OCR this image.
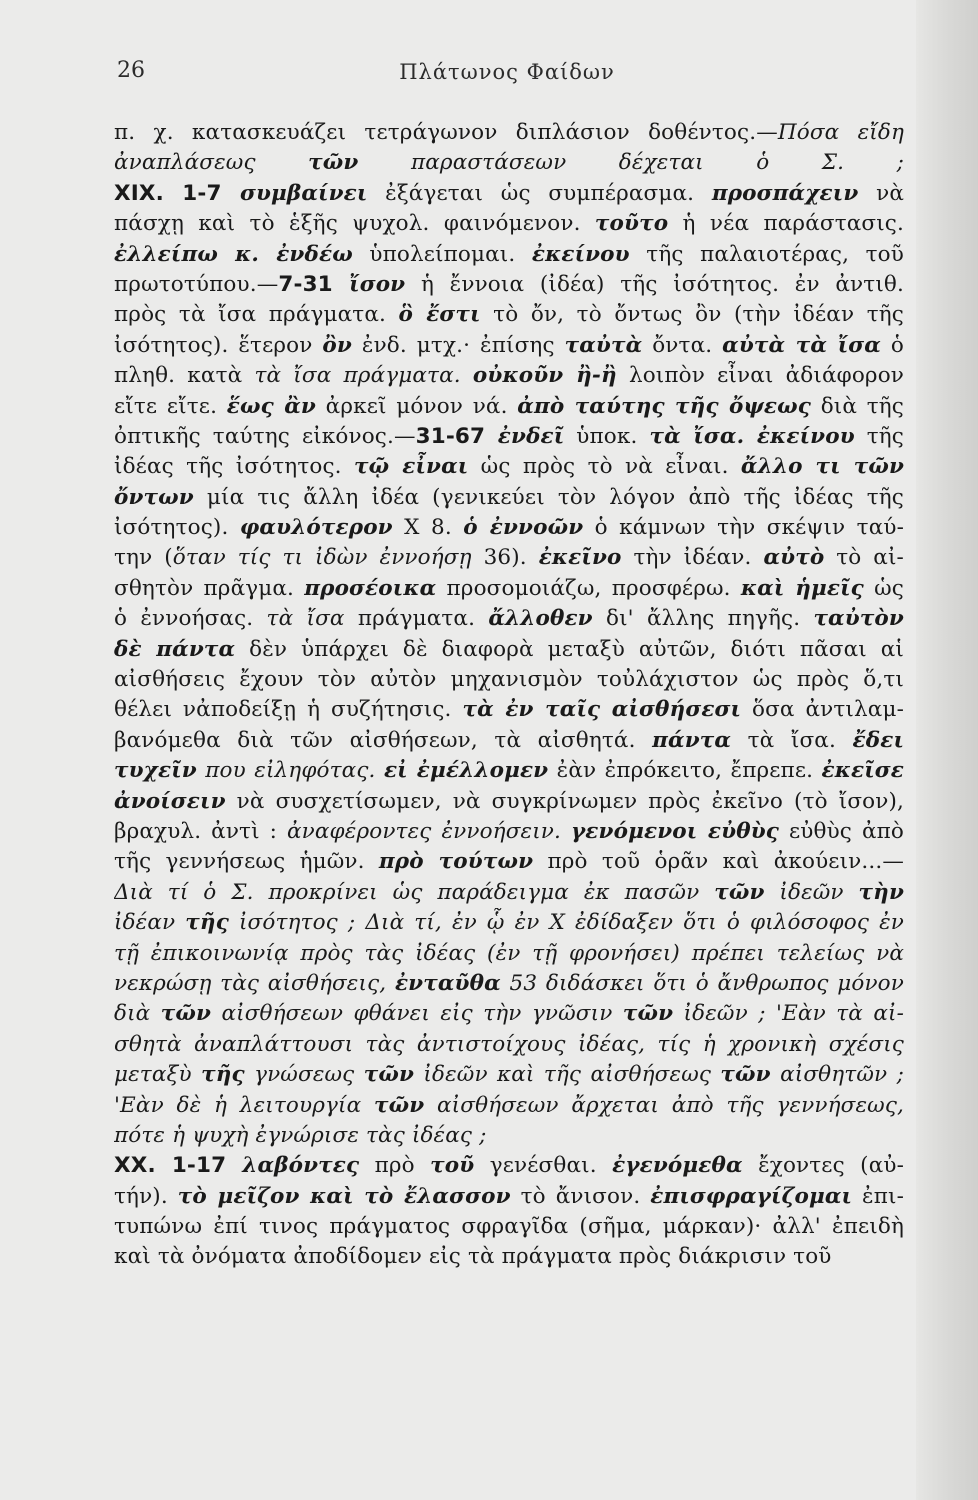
26	Πλάτωνος Φαίδων
π. χ. κατασκευάζει τετράγωνον διπλάσιον δοθέντος.—Πόσα εἴδη
ἀναπλάσεως τῶν παραστάσεων δέχεται ὁ Σ. ;
XIX. 1-7 συμβαίνει ἐξάγεται ὡς συμπέρασμα. προσπάχειν νὰ
πάσχῃ καὶ τὸ ἑξῆς ψυχολ. φαινόμενον. τοῦτο ἡ νέα παράστασις.
ἐλλείπω κ. ἐνδέω ὑπολείπομαι. ἐκείνου τῆς παλαιοτέρας, τοῦ
πρωτοτύπου.—7-31 ἴσον ἡ ἔννοια (ἰδέα) τῆς ἰσότητος. ἐν ἀντιθ.
πρὸς τὰ ἴσα πράγματα. ὃ ἔστι τὸ ὄν, τὸ ὄντως ὂν (τὴν ἰδέαν τῆς
ἰσότητος). ἕτερον ὂν ἐνδ. μτχ.· ἐπίσης ταὐτὰ ὄντα. αὐτὰ τὰ ἴσα ὁ
πληθ. κατὰ τὰ ἴσα πράγματα. οὐκοῦν ἢ-ἢ λοιπὸν εἶναι ἀδιάφορον
εἴτε εἴτε. ἕως ἂν ἀρκεῖ μόνον νά. ἀπὸ ταύτης τῆς ὄψεως διὰ τῆς
ὀπτικῆς ταύτης εἰκόνος.—31-67 ἐνδεῖ ὑποκ. τὰ ἴσα. ἐκείνου τῆς
ἰδέας τῆς ἰσότητος. τῷ εἶναι ὡς πρὸς τὸ νὰ εἶναι. ἄλλο τι τῶν
ὄντων μία τις ἄλλη ἰδέα (γενικεύει τὸν λόγον ἀπὸ τῆς ἰδέας τῆς
ἰσότητος). φαυλότερον X 8. ὁ ἐννοῶν ὁ κάμνων τὴν σκέψιν ταύ-
την (ὅταν τίς τι ἰδὼν ἐννοήσῃ 36). ἐκεῖνο τὴν ἰδέαν. αὐτὸ τὸ αἰ-
σθητὸν πρᾶγμα. προσέοικα προσομοιάζω, προσφέρω. καὶ ἡμεῖς ὡς
ὁ ἐννοήσας. τὰ ἴσα πράγματα. ἄλλοθεν δι' ἄλλης πηγῆς. ταὐτὸν
δὲ πάντα δὲν ὑπάρχει δὲ διαφορὰ μεταξὺ αὐτῶν, διότι πᾶσαι αἱ
αἰσθήσεις ἔχουν τὸν αὐτὸν μηχανισμὸν τοὐλάχιστον ὡς πρὸς ὅ,τι
θέλει νἀποδείξῃ ἡ συζήτησις. τὰ ἐν ταῖς αἰσθήσεσι ὅσα ἀντιλαμ-
βανόμεθα διὰ τῶν αἰσθήσεων, τὰ αἰσθητά. πάντα τὰ ἴσα. ἔδει
τυχεῖν που εἰληφότας. εἰ ἐμέλλομεν ἐὰν ἐπρόκειτο, ἔπρεπε. ἐκεῖσε
ἀνοίσειν νὰ συσχετίσωμεν, νὰ συγκρίνωμεν πρὸς ἐκεῖνο (τὸ ἴσον),
βραχυλ. ἀντὶ : ἀναφέροντες ἐννοήσειν. γενόμενοι εὐθὺς εὐθὺς ἀπὸ
τῆς γεννήσεως ἡμῶν. πρὸ τούτων πρὸ τοῦ ὁρᾶν καὶ ἀκούειν...—
Διὰ τί ὁ Σ. προκρίνει ὡς παράδειγμα ἐκ πασῶν τῶν ἰδεῶν τὴν
ἰδέαν τῆς ἰσότητος ; Διὰ τί, ἐν ᾧ ἐν X ἐδίδαξεν ὅτι ὁ φιλόσοφος ἐν
τῇ ἐπικοινωνίᾳ πρὸς τὰς ἰδέας (ἐν τῇ φρονήσει) πρέπει τελείως νὰ
νεκρώσῃ τὰς αἰσθήσεις, ἐνταῦθα 53 διδάσκει ὅτι ὁ ἄνθρωπος μόνον
διὰ τῶν αἰσθήσεων φθάνει εἰς τὴν γνῶσιν τῶν ἰδεῶν ; 'Εὰν τὰ αἰ-
σθητὰ ἀναπλάττουσι τὰς ἀντιστοίχους ἰδέας, τίς ἡ χρονικὴ σχέσις
μεταξὺ τῆς γνώσεως τῶν ἰδεῶν καὶ τῆς αἰσθήσεως τῶν αἰσθητῶν ;
'Εὰν δὲ ἡ λειτουργία τῶν αἰσθήσεων ἄρχεται ἀπὸ τῆς γεννήσεως,
πότε ἡ ψυχὴ ἐγνώρισε τὰς ἰδέας ;
XX. 1-17 λαβόντες πρὸ τοῦ γενέσθαι. ἐγενόμεθα ἔχοντες (αὐ-
τήν). τὸ μεῖζον καὶ τὸ ἔλασσον τὸ ἄνισον. ἐπισφραγίζομαι ἐπι-
τυπώνω ἐπί τινος πράγματος σφραγῖδα (σῆμα, μάρκαν)· ἀλλ' ἐπειδὴ
καὶ τὰ ὀνόματα ἀποδίδομεν εἰς τὰ πράγματα πρὸς διάκρισιν τοῦ
